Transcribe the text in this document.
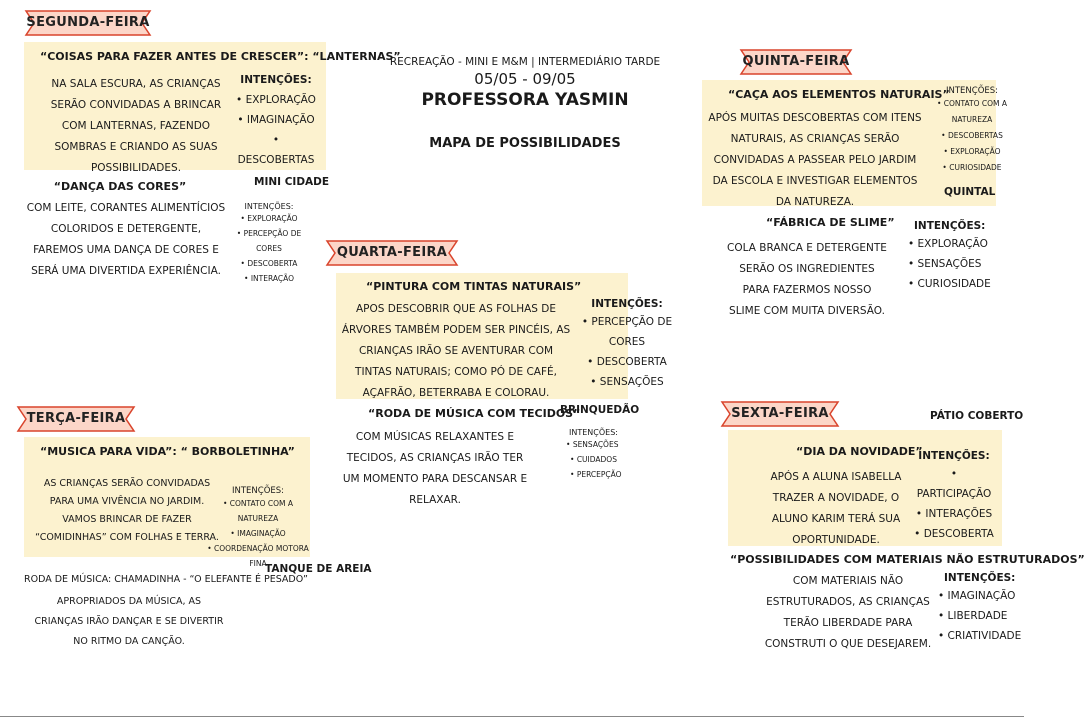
RECREAÇÃO - MINI E M&M | INTERMEDIÁRIO TARDE
05/05 - 09/05
PROFESSORA YASMIN
MAPA DE POSSIBILIDADES
SEGUNDA-FEIRA
“COISAS PARA FAZER ANTES DE CRESCER”: “LANTERNAS”
NA SALA ESCURA, AS CRIANÇAS SERÃO CONVIDADAS A BRINCAR COM LANTERNAS, FAZENDO SOMBRAS E CRIANDO AS SUAS POSSIBILIDADES.
INTENÇÕES:
• EXPLORAÇÃO
• IMAGINAÇÃO
• DESCOBERTAS
“DANÇA DAS CORES”	MINI CIDADE
COM LEITE, CORANTES ALIMENTÍCIOS COLORIDOS E DETERGENTE, FAREMOS UMA DANÇA DE CORES E SERÁ UMA DIVERTIDA EXPERIÊNCIA.
INTENÇÕES:
• EXPLORAÇÃO
• PERCEPÇÃO DE CORES
• DESCOBERTA
• INTERAÇÃO
TERÇA-FEIRA
“MUSICA PARA VIDA”: “ BORBOLETINHA”
AS CRIANÇAS SERÃO CONVIDADAS PARA UMA VIVÊNCIA NO JARDIM. VAMOS BRINCAR DE FAZER “COMIDINHAS” COM FOLHAS E TERRA.
INTENÇÕES:
• CONTATO COM A NATUREZA
• IMAGINAÇÃO
• COORDENAÇÃO MOTORA FINA
TANQUE DE AREIA
RODA DE MÚSICA: CHAMADINHA - “O ELEFANTE É PESADO”
APROPRIADOS DA MÚSICA, AS CRIANÇAS IRÃO DANÇAR E SE DIVERTIR NO RITMO DA CANÇÃO.
QUARTA-FEIRA
“PINTURA COM TINTAS NATURAIS”
APOS DESCOBRIR QUE AS FOLHAS DE ÁRVORES TAMBÉM PODEM SER PINCÉIS, AS CRIANÇAS IRÃO SE AVENTURAR COM TINTAS NATURAIS; COMO PÓ DE CAFÉ, AÇAFRÃO, BETERRABA E COLORAU.
INTENÇÕES:
• PERCEPÇÃO DE CORES
• DESCOBERTA
• SENSAÇÕES
“RODA DE MÚSICA COM TECIDOS”
BRINQUEDÃO
COM MÚSICAS RELAXANTES E TECIDOS, AS CRIANÇAS IRÃO TER UM MOMENTO PARA DESCANSAR E RELAXAR.
INTENÇÕES:
• SENSAÇÕES
• CUIDADOS
• PERCEPÇÃO
QUINTA-FEIRA
“CAÇA AOS ELEMENTOS NATURAIS”
APÓS MUITAS DESCOBERTAS COM ITENS NATURAIS, AS CRIANÇAS SERÃO CONVIDADAS A PASSEAR PELO JARDIM DA ESCOLA E INVESTIGAR ELEMENTOS DA NATUREZA.
INTENÇÕES:
• CONTATO COM A NATUREZA
• DESCOBERTAS
• EXPLORAÇÃO
• CURIOSIDADE
QUINTAL
“FÁBRICA DE SLIME”
COLA BRANCA E DETERGENTE SERÃO OS INGREDIENTES PARA FAZERMOS NOSSO SLIME COM MUITA DIVERSÃO.
INTENÇÕES:
• EXPLORAÇÃO
• SENSAÇÕES
• CURIOSIDADE
SEXTA-FEIRA	PÁTIO COBERTO
“DIA DA NOVIDADE”
APÓS A ALUNA ISABELLA TRAZER A NOVIDADE, O ALUNO KARIM TERÁ SUA OPORTUNIDADE.
INTENÇÕES:
• PARTICIPAÇÃO
• INTERAÇÕES
• DESCOBERTA
“POSSIBILIDADES COM MATERIAIS NÃO ESTRUTURADOS”
COM MATERIAIS NÃO ESTRUTURADOS, AS CRIANÇAS TERÃO LIBERDADE PARA CONSTRUTI O QUE DESEJAREM.
INTENÇÕES:
• IMAGINAÇÃO
• LIBERDADE
• CRIATIVIDADE
